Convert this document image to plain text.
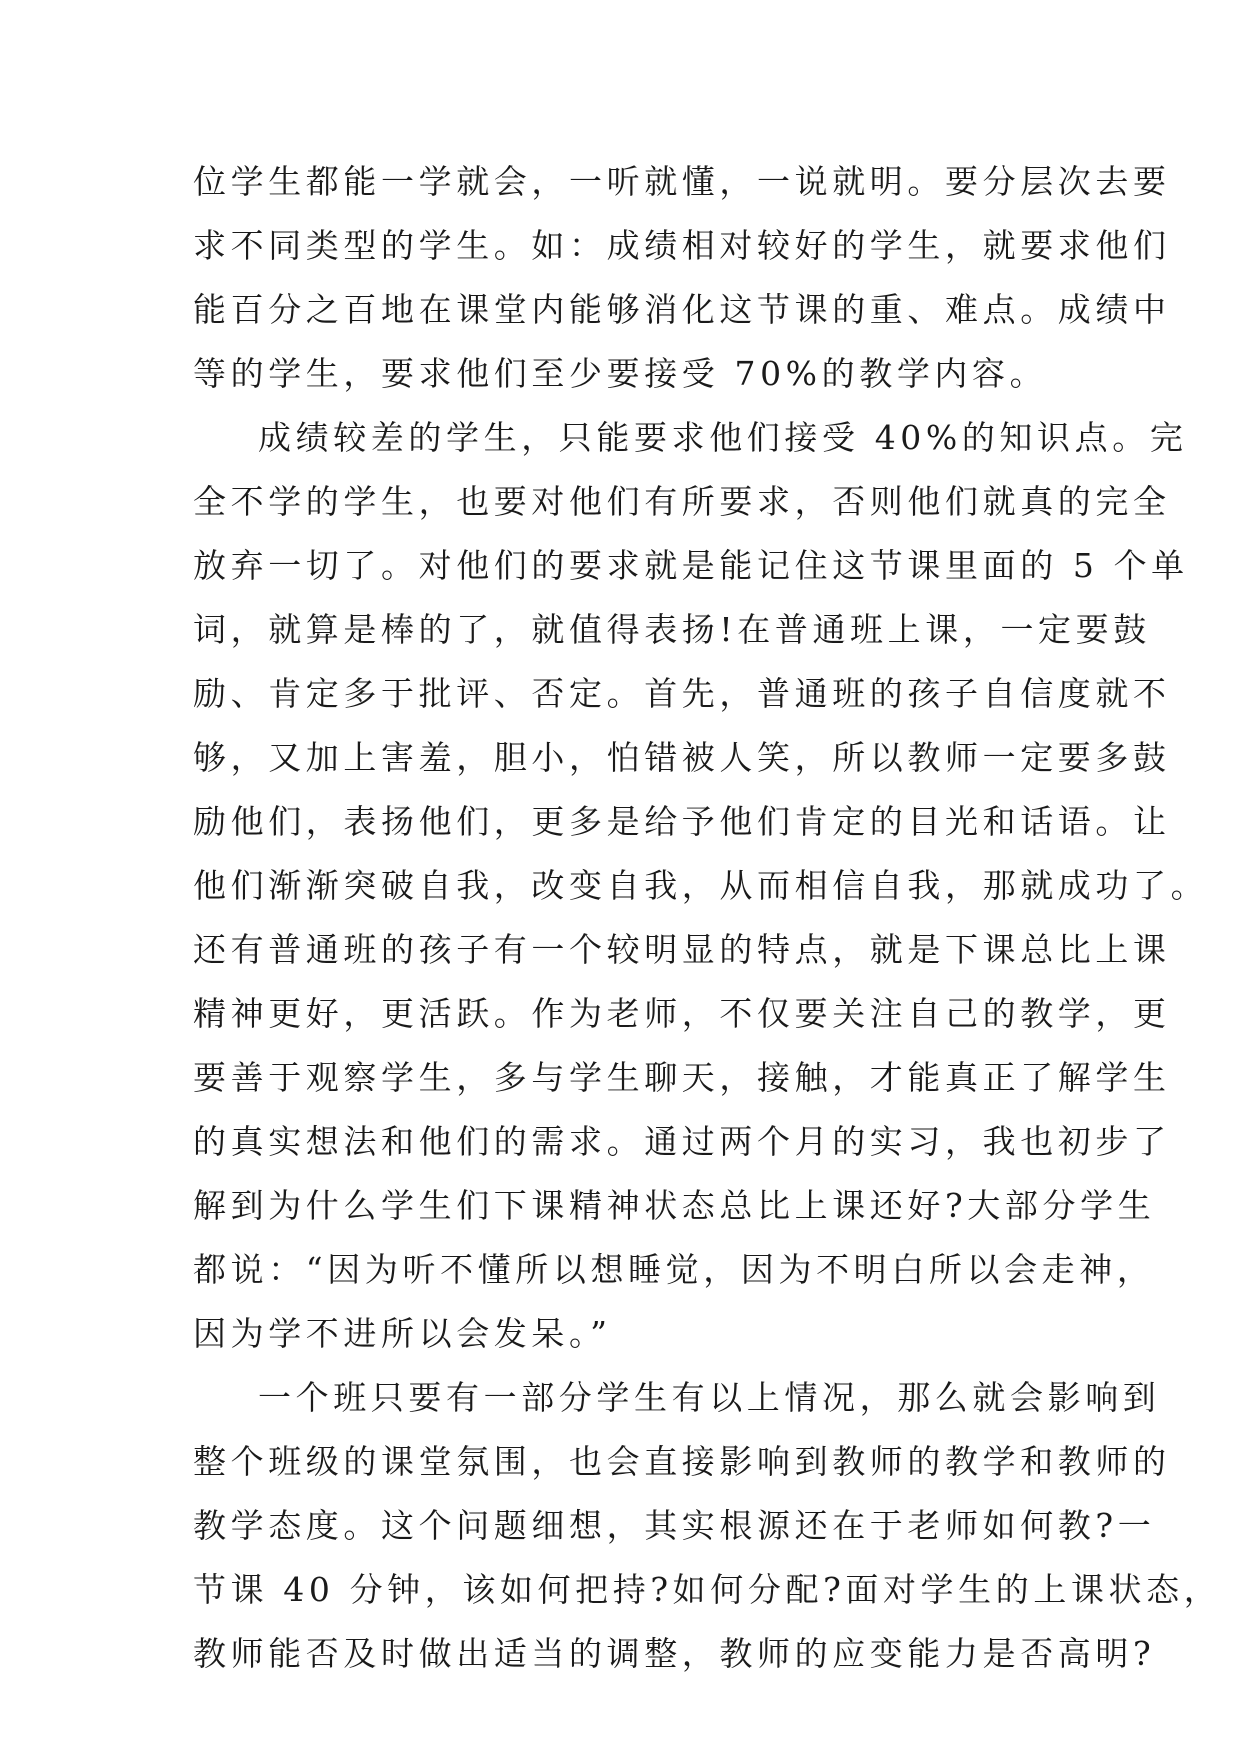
位学生都能一学就会，一听就懂，一说就明。要分层次去要
求不同类型的学生。如：成绩相对较好的学生，就要求他们
能百分之百地在课堂内能够消化这节课的重、难点。成绩中
等的学生，要求他们至少要接受 70%的教学内容。
成绩较差的学生，只能要求他们接受 40%的知识点。完
全不学的学生，也要对他们有所要求，否则他们就真的完全
放弃一切了。对他们的要求就是能记住这节课里面的 5 个单
词，就算是棒的了，就值得表扬!在普通班上课，一定要鼓
励、肯定多于批评、否定。首先，普通班的孩子自信度就不
够，又加上害羞，胆小，怕错被人笑，所以教师一定要多鼓
励他们，表扬他们，更多是给予他们肯定的目光和话语。让
他们渐渐突破自我，改变自我，从而相信自我，那就成功了。
还有普通班的孩子有一个较明显的特点，就是下课总比上课
精神更好，更活跃。作为老师，不仅要关注自己的教学，更
要善于观察学生，多与学生聊天，接触，才能真正了解学生
的真实想法和他们的需求。通过两个月的实习，我也初步了
解到为什么学生们下课精神状态总比上课还好?大部分学生
都说：“因为听不懂所以想睡觉，因为不明白所以会走神，
因为学不进所以会发呆。”
一个班只要有一部分学生有以上情况，那么就会影响到
整个班级的课堂氛围，也会直接影响到教师的教学和教师的
教学态度。这个问题细想，其实根源还在于老师如何教?一
节课 40 分钟，该如何把持?如何分配?面对学生的上课状态，
教师能否及时做出适当的调整，教师的应变能力是否高明?
